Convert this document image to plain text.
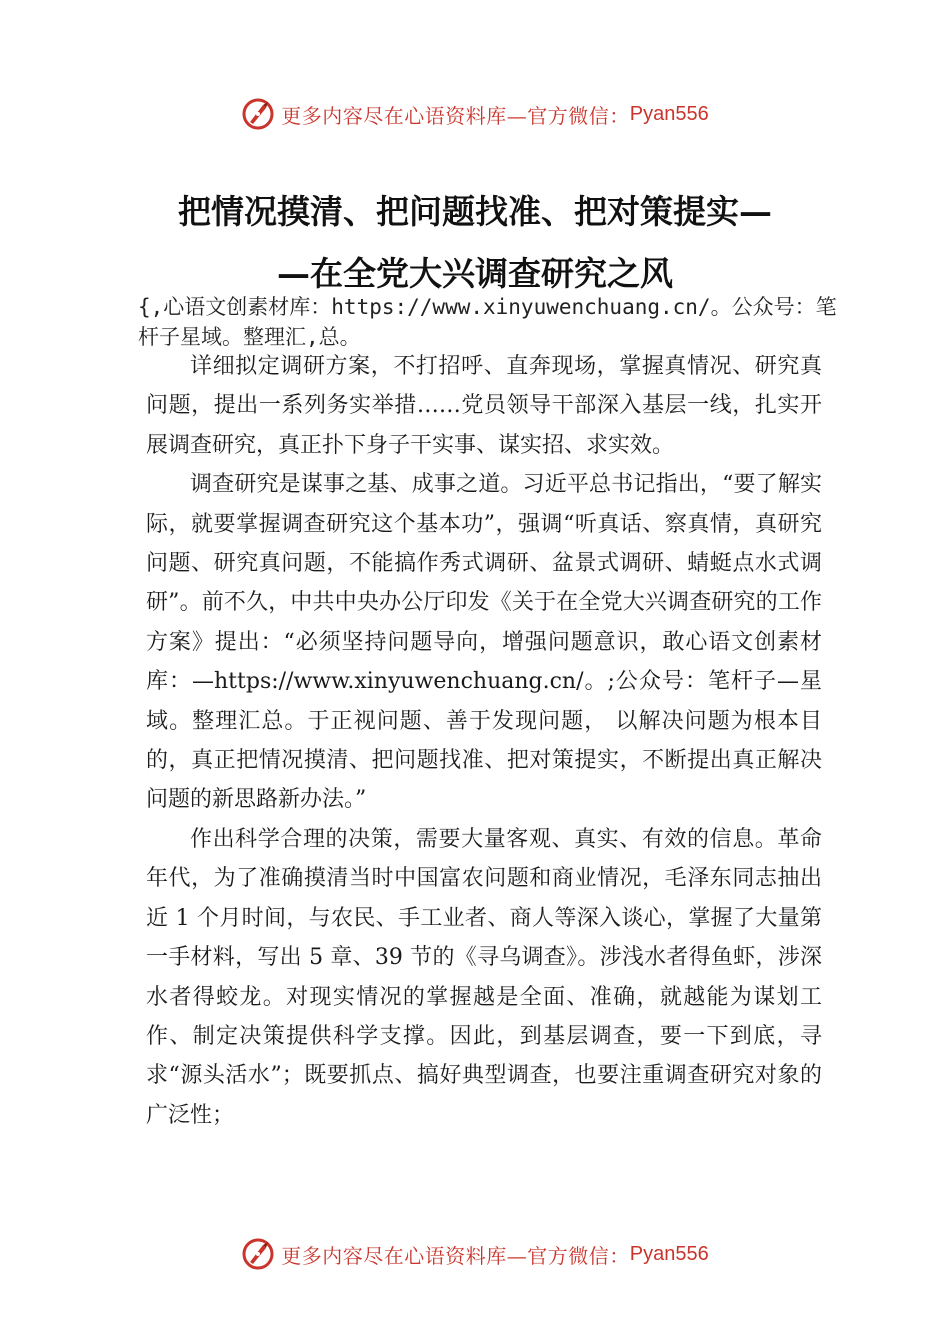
更多内容尽在心语资料库—官方微信： Pyan556
把情况摸清、把问题找准、把对策提实—
—在全党大兴调查研究之风

{,心语文创素材库：https://www.xinyuwenchuang.cn/。公众号：笔杆子星域。整理汇,总。

详细拟定调研方案，不打招呼、直奔现场，掌握真情况、研究真问题，提出一系列务实举措……党员领导干部深入基层一线，扎实开展调查研究，真正扑下身子干实事、谋实招、求实效。

调查研究是谋事之基、成事之道。习近平总书记指出，“要了解实际，就要掌握调查研究这个基本功”，强调“听真话、察真情，真研究问题、研究真问题，不能搞作秀式调研、盆景式调研、蜻蜓点水式调研”。前不久，中共中央办公厅印发《关于在全党大兴调查研究的工作方案》提出：“必须坚持问题导向，增强问题意识，敢心语文创素材库：—https://www.xinyuwenchuang.cn/。;公众号：笔杆子—星域。整理汇总。于正视问题、善于发现问题， 以解决问题为根本目的，真正把情况摸清、把问题找准、把对策提实，不断提出真正解决问题的新思路新办法。”

作出科学合理的决策，需要大量客观、真实、有效的信息。革命年代，为了准确摸清当时中国富农问题和商业情况，毛泽东同志抽出近 1 个月时间，与农民、手工业者、商人等深入谈心，掌握了大量第一手材料，写出 5 章、39 节的《寻乌调查》。涉浅水者得鱼虾，涉深水者得蛟龙。对现实情况的掌握越是全面、准确，就越能为谋划工作、制定决策提供科学支撑。因此，到基层调查，要一下到底，寻求“源头活水”；既要抓点、搞好典型调查，也要注重调查研究对象的广泛性；

更多内容尽在心语资料库—官方微信： Pyan556
